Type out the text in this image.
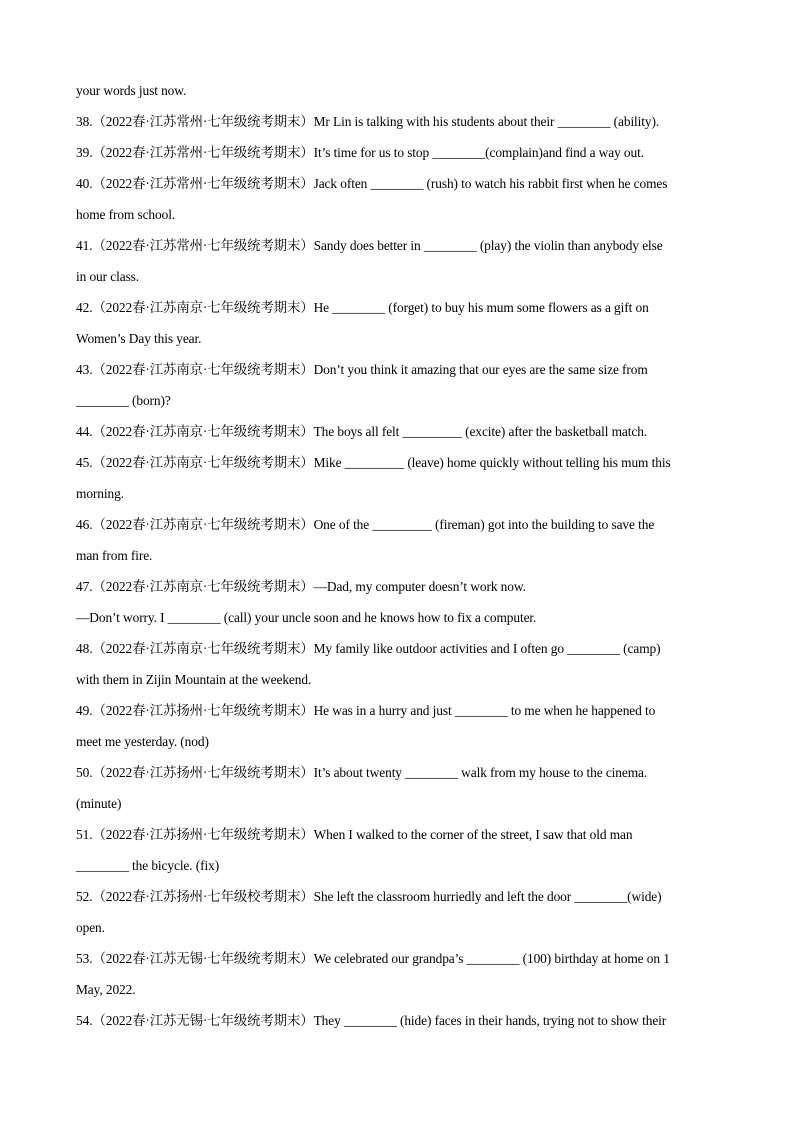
your words just now.
38.（2022春·江苏常州·七年级统考期末）Mr Lin is talking with his students about their ________ (ability).
39.（2022春·江苏常州·七年级统考期末）It’s time for us to stop ________(complain)and find a way out.
40.（2022春·江苏常州·七年级统考期末）Jack often ________ (rush) to watch his rabbit first when he comes
home from school.
41.（2022春·江苏常州·七年级统考期末）Sandy does better in ________ (play) the violin than anybody else
in our class.
42.（2022春·江苏南京·七年级统考期末）He ________ (forget) to buy his mum some flowers as a gift on
Women’s Day this year.
43.（2022春·江苏南京·七年级统考期末）Don’t you think it amazing that our eyes are the same size from
________ (born)?
44.（2022春·江苏南京·七年级统考期末）The boys all felt _________ (excite) after the basketball match.
45.（2022春·江苏南京·七年级统考期末）Mike _________ (leave) home quickly without telling his mum this
morning.
46.（2022春·江苏南京·七年级统考期末）One of the _________ (fireman) got into the building to save the
man from fire.
47.（2022春·江苏南京·七年级统考期末）—Dad, my computer doesn’t work now.
—Don’t worry. I ________ (call) your uncle soon and he knows how to fix a computer.
48.（2022春·江苏南京·七年级统考期末）My family like outdoor activities and I often go ________ (camp)
with them in Zijin Mountain at the weekend.
49.（2022春·江苏扬州·七年级统考期末）He was in a hurry and just ________ to me when he happened to
meet me yesterday. (nod)
50.（2022春·江苏扬州·七年级统考期末）It’s about twenty ________ walk from my house to the cinema.
(minute)
51.（2022春·江苏扬州·七年级统考期末）When I walked to the corner of the street, I saw that old man
________ the bicycle. (fix)
52.（2022春·江苏扬州·七年级校考期末）She left the classroom hurriedly and left the door ________(wide)
open.
53.（2022春·江苏无锡·七年级统考期末）We celebrated our grandpa’s ________ (100) birthday at home on 1
May, 2022.
54.（2022春·江苏无锡·七年级统考期末）They ________ (hide) faces in their hands, trying not to show their
